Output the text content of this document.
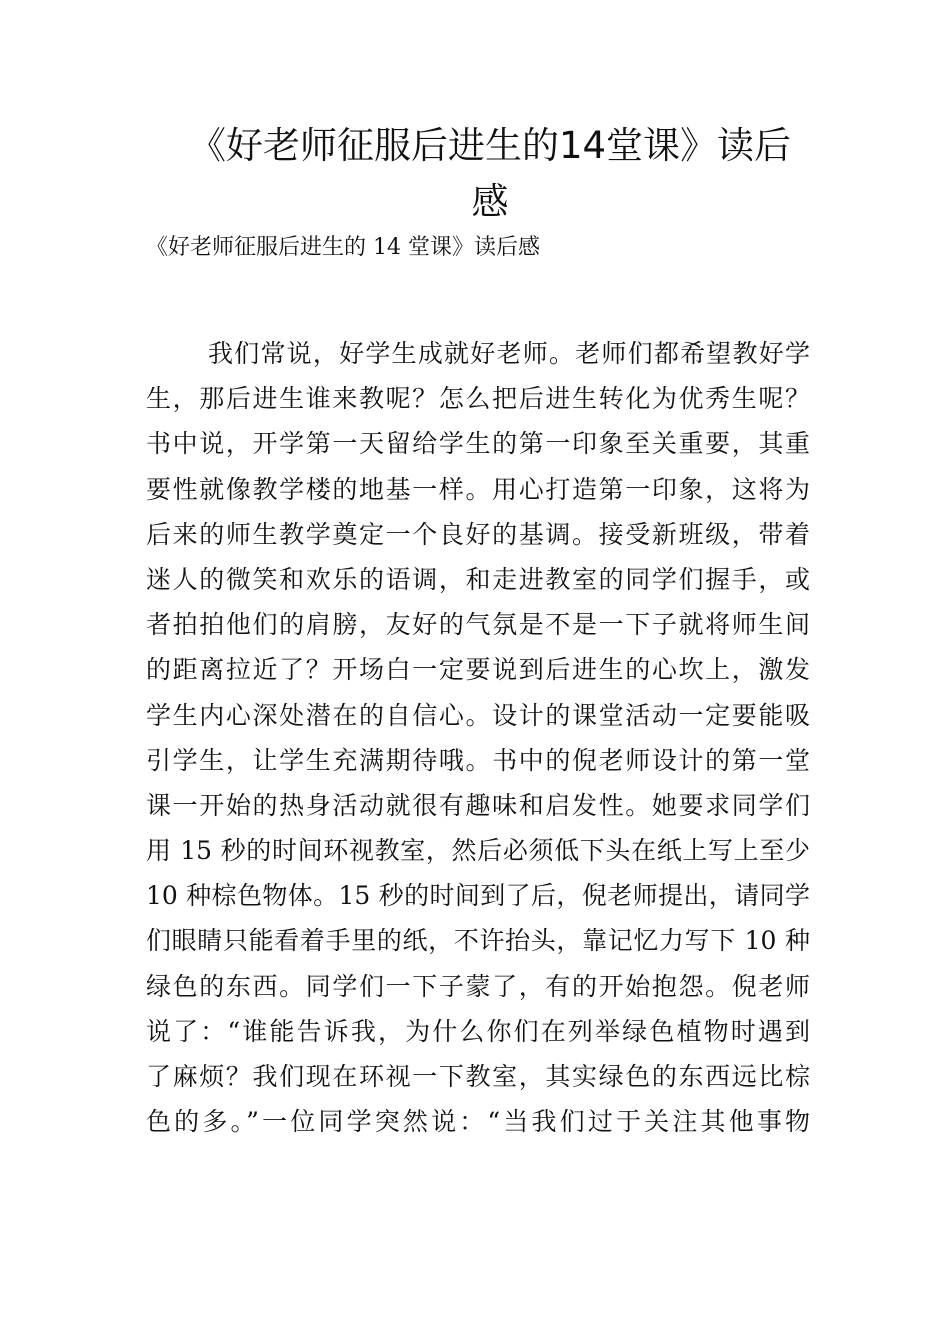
《好老师征服后进生的14堂课》读后
感

《好老师征服后进生的 14 堂课》读后感

我们常说，好学生成就好老师。老师们都希望教好学
生，那后进生谁来教呢？怎么把后进生转化为优秀生呢？
书中说，开学第一天留给学生的第一印象至关重要，其重
要性就像教学楼的地基一样。用心打造第一印象，这将为
后来的师生教学奠定一个良好的基调。接受新班级，带着
迷人的微笑和欢乐的语调，和走进教室的同学们握手，或
者拍拍他们的肩膀，友好的气氛是不是一下子就将师生间
的距离拉近了？开场白一定要说到后进生的心坎上，激发
学生内心深处潜在的自信心。设计的课堂活动一定要能吸
引学生，让学生充满期待哦。书中的倪老师设计的第一堂
课一开始的热身活动就很有趣味和启发性。她要求同学们
用 15 秒的时间环视教室，然后必须低下头在纸上写上至少
10 种棕色物体。15 秒的时间到了后，倪老师提出，请同学
们眼睛只能看着手里的纸，不许抬头，靠记忆力写下 10 种
绿色的东西。同学们一下子蒙了，有的开始抱怨。倪老师
说了：“谁能告诉我，为什么你们在列举绿色植物时遇到
了麻烦？我们现在环视一下教室，其实绿色的东西远比棕
色的多。”一位同学突然说：“当我们过于关注其他事物
